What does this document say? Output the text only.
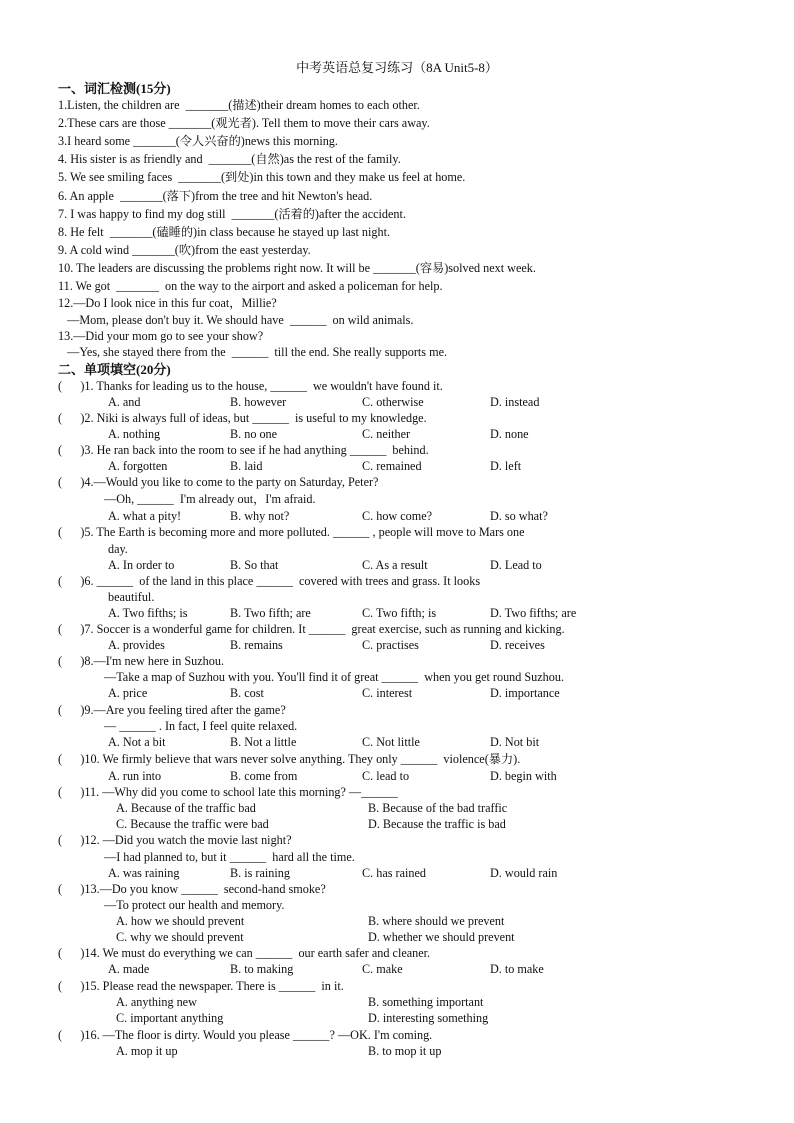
中考英语总复习练习（8A Unit5-8）
一、词汇检测(15分)
1.Listen, the children are  _______(描述)their dream homes to each other.
2.These cars are those _______(观光者). Tell them to move their cars away.
3.I heard some _______(令人兴奋的)news this morning.
4. His sister is as friendly and  _______(自然)as the rest of the family.
5. We see smiling faces  _______(到处)in this town and they make us feel at home.
6. An apple  _______(落下)from the tree and hit Newton's head.
7. I was happy to find my dog still  _______(活着的)after the accident.
8. He felt  _______(磕睡的)in class because he stayed up last night.
9. A cold wind _______(吹)from the east yesterday.
10. The leaders are discussing the problems right now. It will be _______(容易)solved next week.
11. We got  _______  on the way to the airport and asked a policeman for help.
12.—Do I look nice in this fur coat，Millie?
—Mom, please don't buy it. We should have  ______  on wild animals.
13.—Did your mom go to see your show?
—Yes, she stayed there from the  ______  till the end. She really supports me.
二、单项填空(20分)
(      )1. Thanks for leading us to the house, ______  we wouldn't have found it.
A. and	B. however	C. otherwise	D. instead
(      )2. Niki is always full of ideas, but ______  is useful to my knowledge.
A. nothing	B. no one	C. neither	D. none
(      )3. He ran back into the room to see if he had anything ______  behind.
A. forgotten	B. laid	C. remained	D. left
(      )4.—Would you like to come to the party on Saturday, Peter?
—Oh, ______  I'm already out，I'm afraid.
A. what a pity!	B. why not?	C. how come?	D. so what?
(      )5. The Earth is becoming more and more polluted. ______ , people will move to Mars one
day.
A. In order to	B. So that	C. As a result	D. Lead to
(      )6. ______  of the land in this place ______  covered with trees and grass. It looks
beautiful.
A. Two fifths; is	B. Two fifth; are	C. Two fifth; is	D. Two fifths; are
(      )7. Soccer is a wonderful game for children. It ______  great exercise, such as running and kicking.
A. provides	B. remains	C. practises	D. receives
(      )8.—I'm new here in Suzhou.
—Take a map of Suzhou with you. You'll find it of great ______  when you get round Suzhou.
A. price	B. cost	C. interest	D. importance
(      )9.—Are you feeling tired after the game?
— ______ . In fact, I feel quite relaxed.
A. Not a bit	B. Not a little	C. Not little	D. Not bit
(      )10. We firmly believe that wars never solve anything. They only ______  violence(暴力).
A. run into	B. come from	C. lead to	D. begin with
(      )11. —Why did you come to school late this morning? —______
A. Because of the traffic bad	B. Because of the bad traffic
C. Because the traffic were bad	D. Because the traffic is bad
(      )12. —Did you watch the movie last night?
—I had planned to, but it ______  hard all the time.
A. was raining	B. is raining	C. has rained	D. would rain
(      )13.—Do you know ______  second-hand smoke?
—To protect our health and memory.
A. how we should prevent	B. where should we prevent
C. why we should prevent	D. whether we should prevent
(      )14. We must do everything we can ______  our earth safer and cleaner.
A. made	B. to making	C. make	D. to make
(      )15. Please read the newspaper. There is ______  in it.
A. anything new	B. something important
C. important anything	D. interesting something
(      )16. —The floor is dirty. Would you please ______? —OK. I'm coming.
A. mop it up	B. to mop it up
